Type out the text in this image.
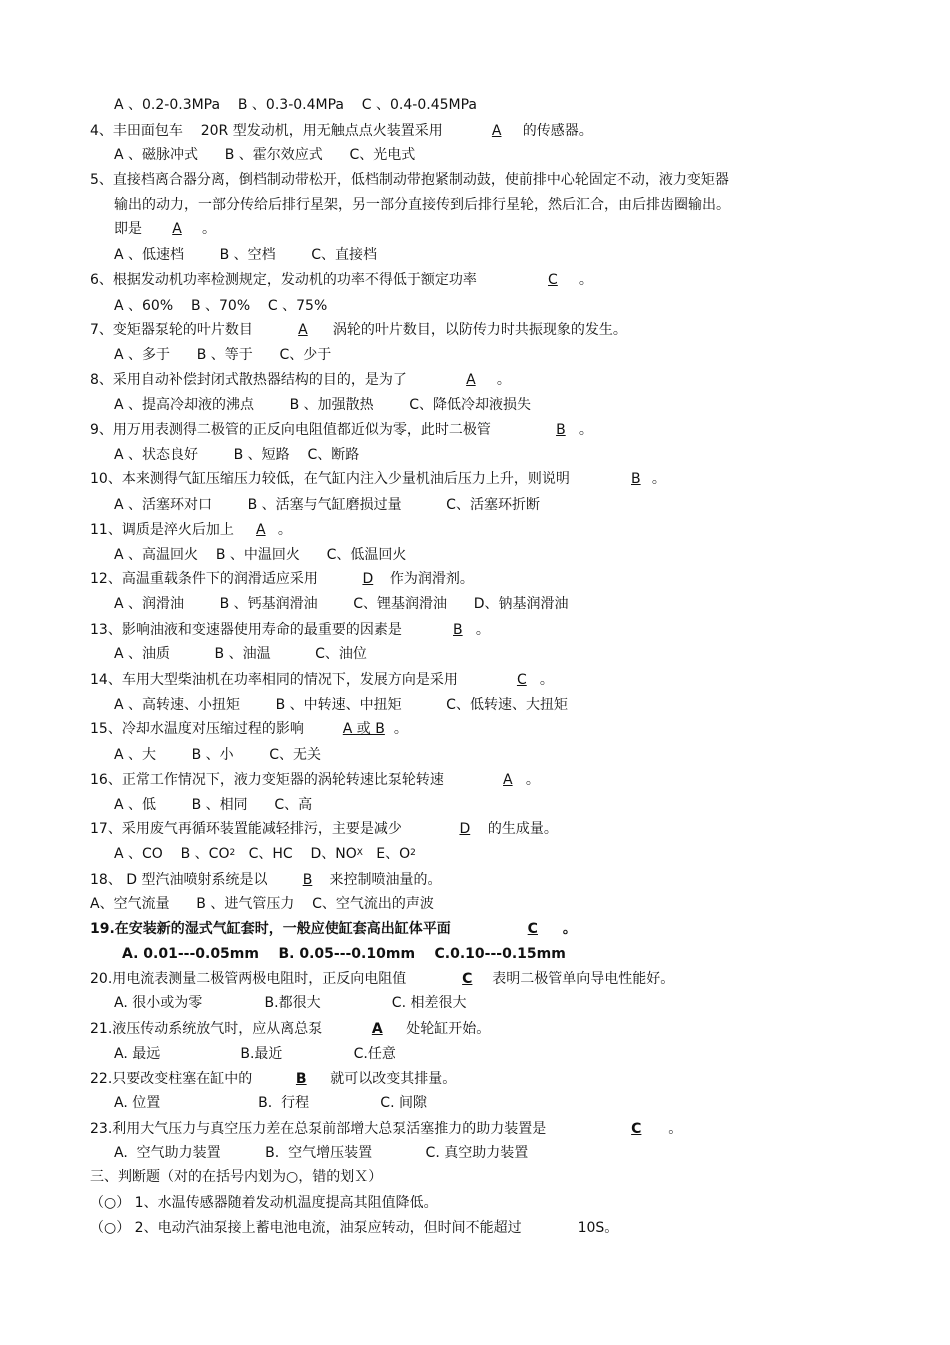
A 、0.2-0.3MPa    B 、0.3-0.4MPa    C 、0.4-0.45MPa
4、丰田面包车    20R 型发动机，用无触点点火装置采用	A 的传感器。
A 、磁脉冲式      B 、霍尔效应式      C、光电式
5、直接档离合器分离，倒档制动带松开，低档制动带抱紧制动鼓，使前排中心轮固定不动，液力变矩器
输出的动力，一部分传给后排行星架，另一部分直接传到后排行星轮，然后汇合，由后排齿圈输出。
即是 A 。
A 、低速档        B 、空档        C、直接档
6、根据发动机功率检测规定，发动机的功率不得低于额定功率	C 。
A 、60%    B 、70%    C 、75%
7、变矩器泵轮的叶片数目	A 涡轮的叶片数目，以防传力时共振现象的发生。
A 、多于      B 、等于      C、少于
8、采用自动补偿封闭式散热器结构的目的，是为了	A 。
A 、提高冷却液的沸点        B 、加强散热        C、降低冷却液损失
9、用万用表测得二极管的正反向电阻值都近似为零，此时二极管	B 。
A 、状态良好        B 、短路    C、断路
10、本来测得气缸压缩压力较低，在气缸内注入少量机油后压力上升，则说明	B 。
A 、活塞环对口        B 、活塞与气缸磨损过量          C、活塞环折断
11、调质是淬火后加上 A 。
A 、高温回火    B 、中温回火      C、低温回火
12、高温重载条件下的润滑适应采用	D 作为润滑剂。
A 、润滑油        B 、钙基润滑油        C、锂基润滑油      D、钠基润滑油
13、影响油液和变速器使用寿命的最重要的因素是	B 。
A 、油质          B 、油温          C、油位
14、车用大型柴油机在功率相同的情况下，发展方向是采用	C 。
A 、高转速、小扭矩        B 、中转速、中扭矩          C、低转速、大扭矩
15、冷却水温度对压缩过程的影响	A 或 B 。
A 、大        B 、小        C、无关
16、正常工作情况下，液力变矩器的涡轮转速比泵轮转速	A 。
A 、低        B 、相同      C、高
17、采用废气再循环装置能减轻排污，主要是减少	D 的生成量。
A 、CO    B 、$CO_2$   C、HC    D、$NO_X$   E、$O_2$
18、 D 型汽油喷射系统是以	B 来控制喷油量的。
A、空气流量      B 、进气管压力    C、空气流出的声波
19.在安装新的湿式气缸套时，一般应使缸套高出缸体平面	C 。
A. 0.01---0.05mm    B. 0.05---0.10mm    C.0.10---0.15mm
20.用电流表测量二极管两极电阻时，正反向电阻值	C 表明二极管单向导电性能好。
A. 很小或为零              B.都很大                C. 相差很大
21.液压传动系统放气时，应从离总泵	A 处轮缸开始。
A. 最远                  B.最近                C.任意
22.只要改变柱塞在缸中的	B 就可以改变其排量。
A. 位置                      B.  行程                C. 间隙
23.利用大气压力与真空压力差在总泵前部增大总泵活塞推力的助力装置是	C 。
A.  空气助力装置          B.  空气增压装置            C. 真空助力装置
三、判断题（对的在括号内划为○，错的划Ｘ）
（○） 1、水温传感器随着发动机温度提高其阻值降低。
（○） 2、电动汽油泵接上蓄电池电流，油泵应转动，但时间不能超过	10S。
